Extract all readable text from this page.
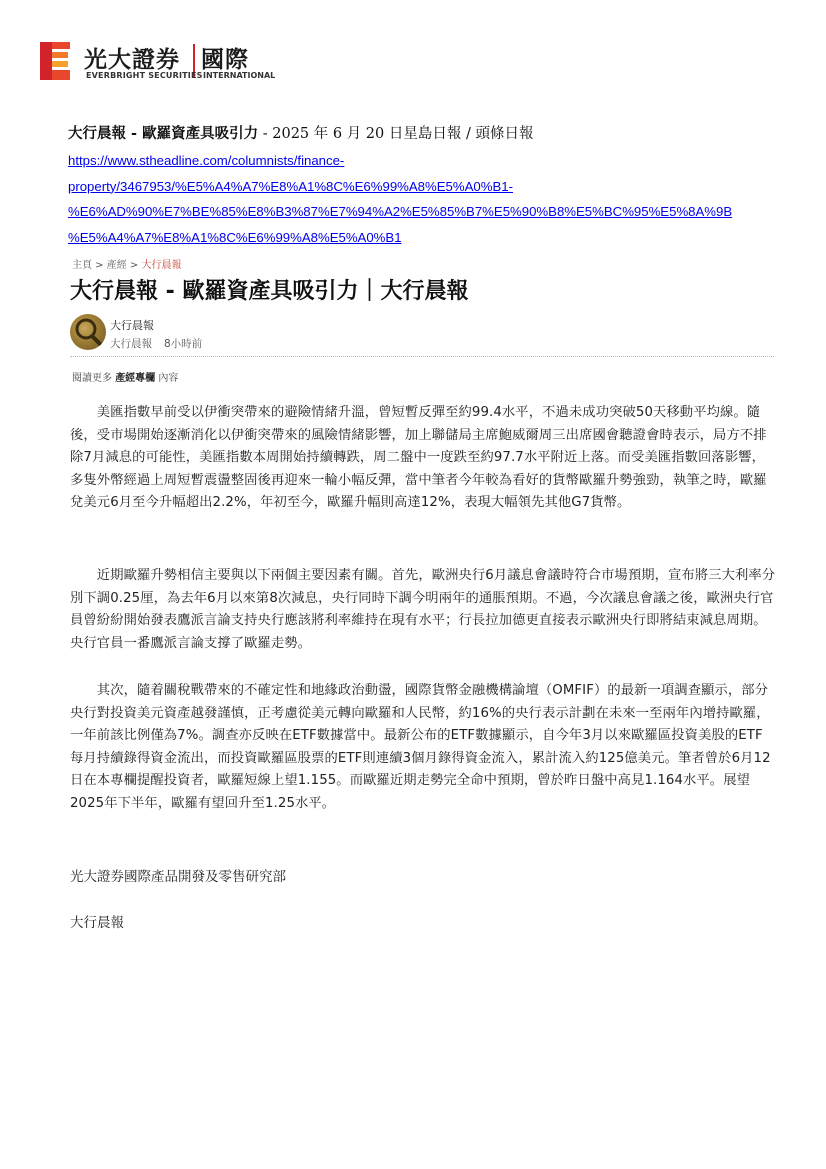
光大證券 國際
EVERBRIGHT SECURITIES INTERNATIONAL
大行晨報 - 歐羅資產具吸引力 - 2025 年 6 月 20 日星島日報 / 頭條日報
https://www.stheadline.com/columnists/finance-
property/3467953/%E5%A4%A7%E8%A1%8C%E6%99%A8%E5%A0%B1-
%E6%AD%90%E7%BE%85%E8%B3%87%E7%94%A2%E5%85%B7%E5%90%B8%E5%BC%95%E5%8A%9B
%E5%A4%A7%E8%A1%8C%E6%99%A8%E5%A0%B1
主頁 > 產經 > 大行晨報
大行晨報 - 歐羅資產具吸引力｜大行晨報
大行晨報
大行晨報 8小時前
閱讀更多 產經專欄 內容
　　美匯指數早前受以伊衝突帶來的避險情緒升溫，曾短暫反彈至約99.4水平，不過未成功突破50天移動平均線。隨後，受市場開始逐漸消化以伊衝突帶來的風險情緒影響，加上聯儲局主席鮑威爾周三出席國會聽證會時表示，局方不排除7月減息的可能性，美匯指數本周開始持續轉跌，周二盤中一度跌至約97.7水平附近上落。而受美匯指數回落影響，多隻外幣經過上周短暫震盪整固後再迎來一輪小幅反彈，當中筆者今年較為看好的貨幣歐羅升勢強勁，執筆之時，歐羅兌美元6月至今升幅超出2.2%，年初至今，歐羅升幅則高達12%，表現大幅領先其他G7貨幣。
　　近期歐羅升勢相信主要與以下兩個主要因素有關。首先，歐洲央行6月議息會議時符合市場預期，宣布將三大利率分別下調0.25厘，為去年6月以來第8次減息，央行同時下調今明兩年的通脹預期。不過，今次議息會議之後，歐洲央行官員曾紛紛開始發表鷹派言論支持央行應該將利率維持在現有水平；行長拉加德更直接表示歐洲央行即將結束減息周期。央行官員一番鷹派言論支撐了歐羅走勢。
　　其次，隨着關稅戰帶來的不確定性和地緣政治動盪，國際貨幣金融機構論壇（OMFIF）的最新一項調查顯示，部分央行對投資美元資產越發謹慎，正考慮從美元轉向歐羅和人民幣，約16%的央行表示計劃在未來一至兩年內增持歐羅，一年前該比例僅為7%。調查亦反映在ETF數據當中。最新公布的ETF數據顯示，自今年3月以來歐羅區投資美股的ETF每月持續錄得資金流出，而投資歐羅區股票的ETF則連續3個月錄得資金流入，累計流入約125億美元。筆者曾於6月12日在本專欄提醒投資者，歐羅短線上望1.155。而歐羅近期走勢完全命中預期，曾於昨日盤中高見1.164水平。展望2025年下半年，歐羅有望回升至1.25水平。
光大證券國際產品開發及零售研究部
大行晨報
